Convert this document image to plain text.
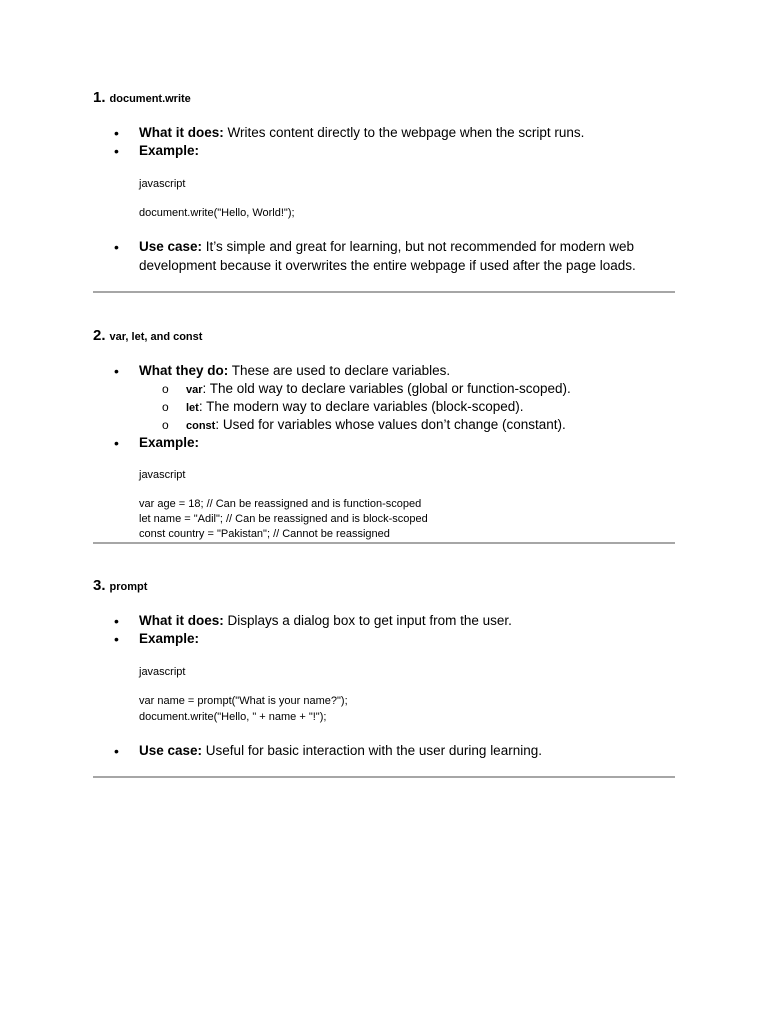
1. document.write
• What it does: Writes content directly to the webpage when the script runs.
• Example:
javascript
document.write("Hello, World!");
• Use case: It’s simple and great for learning, but not recommended for modern web
development because it overwrites the entire webpage if used after the page loads.
2. var, let, and const
• What they do: These are used to declare variables.
o var: The old way to declare variables (global or function-scoped).
o let: The modern way to declare variables (block-scoped).
o const: Used for variables whose values don’t change (constant).
• Example:
javascript
var age = 18; // Can be reassigned and is function-scoped
let name = "Adil"; // Can be reassigned and is block-scoped
const country = "Pakistan"; // Cannot be reassigned
3. prompt
• What it does: Displays a dialog box to get input from the user.
• Example:
javascript
var name = prompt("What is your name?");
document.write("Hello, " + name + "!");
• Use case: Useful for basic interaction with the user during learning.
